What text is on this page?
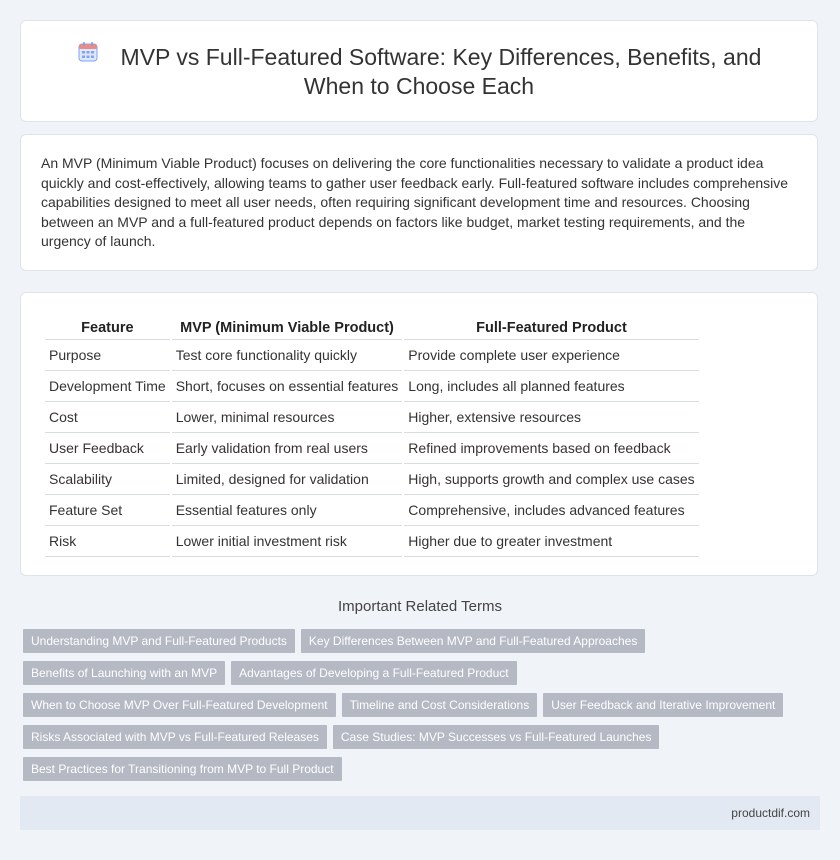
MVP vs Full-Featured Software: Key Differences, Benefits, and When to Choose Each

An MVP (Minimum Viable Product) focuses on delivering the core functionalities necessary to validate a product idea quickly and cost-effectively, allowing teams to gather user feedback early. Full-featured software includes comprehensive capabilities designed to meet all user needs, often requiring significant development time and resources. Choosing between an MVP and a full-featured product depends on factors like budget, market testing requirements, and the urgency of launch.

Feature	MVP (Minimum Viable Product)	Full-Featured Product
Purpose	Test core functionality quickly	Provide complete user experience
Development Time	Short, focuses on essential features	Long, includes all planned features
Cost	Lower, minimal resources	Higher, extensive resources
User Feedback	Early validation from real users	Refined improvements based on feedback
Scalability	Limited, designed for validation	High, supports growth and complex use cases
Feature Set	Essential features only	Comprehensive, includes advanced features
Risk	Lower initial investment risk	Higher due to greater investment
Important Related Terms
Understanding MVP and Full-Featured Products Key Differences Between MVP and Full-Featured Approaches
Benefits of Launching with an MVP Advantages of Developing a Full-Featured Product
When to Choose MVP Over Full-Featured Development Timeline and Cost Considerations User Feedback and Iterative Improvement
Risks Associated with MVP vs Full-Featured Releases Case Studies: MVP Successes vs Full-Featured Launches
Best Practices for Transitioning from MVP to Full Product
productdif.com
